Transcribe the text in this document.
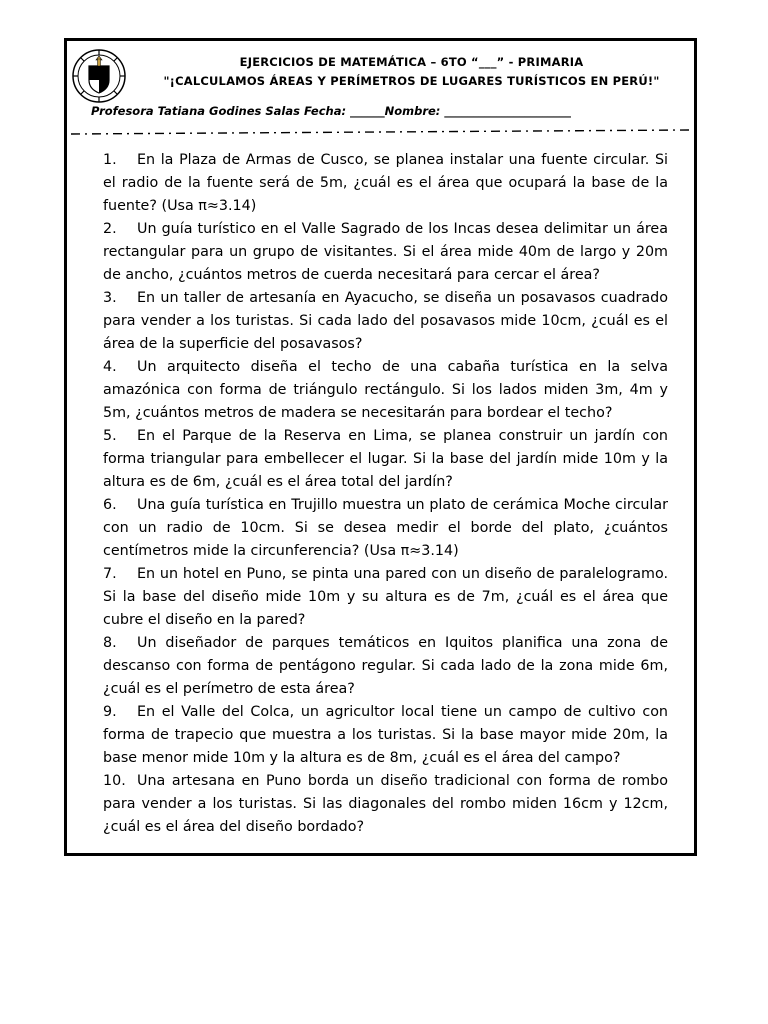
EJERCICIOS DE MATEMÁTICA – 6TO “___” - PRIMARIA
"¡CALCULAMOS ÁREAS Y PERÍMETROS DE LUGARES TURÍSTICOS EN PERÚ!"
Profesora Tatiana Godines Salas Fecha: ______Nombre: ______________________
1. En la Plaza de Armas de Cusco, se planea instalar una fuente circular. Si el radio de la fuente será de 5m, ¿cuál es el área que ocupará la base de la fuente? (Usa π≈3.14)
2. Un guía turístico en el Valle Sagrado de los Incas desea delimitar un área rectangular para un grupo de visitantes. Si el área mide 40m de largo y 20m de ancho, ¿cuántos metros de cuerda necesitará para cercar el área?
3. En un taller de artesanía en Ayacucho, se diseña un posavasos cuadrado para vender a los turistas. Si cada lado del posavasos mide 10cm, ¿cuál es el área de la superficie del posavasos?
4. Un arquitecto diseña el techo de una cabaña turística en la selva amazónica con forma de triángulo rectángulo. Si los lados miden 3m, 4m y 5m, ¿cuántos metros de madera se necesitarán para bordear el techo?
5. En el Parque de la Reserva en Lima, se planea construir un jardín con forma triangular para embellecer el lugar. Si la base del jardín mide 10m y la altura es de 6m, ¿cuál es el área total del jardín?
6. Una guía turística en Trujillo muestra un plato de cerámica Moche circular con un radio de 10cm. Si se desea medir el borde del plato, ¿cuántos centímetros mide la circunferencia? (Usa π≈3.14)
7. En un hotel en Puno, se pinta una pared con un diseño de paralelogramo. Si la base del diseño mide 10m y su altura es de 7m, ¿cuál es el área que cubre el diseño en la pared?
8. Un diseñador de parques temáticos en Iquitos planifica una zona de descanso con forma de pentágono regular. Si cada lado de la zona mide 6m, ¿cuál es el perímetro de esta área?
9. En el Valle del Colca, un agricultor local tiene un campo de cultivo con forma de trapecio que muestra a los turistas. Si la base mayor mide 20m, la base menor mide 10m y la altura es de 8m, ¿cuál es el área del campo?
10. Una artesana en Puno borda un diseño tradicional con forma de rombo para vender a los turistas. Si las diagonales del rombo miden 16cm y 12cm, ¿cuál es el área del diseño bordado?
